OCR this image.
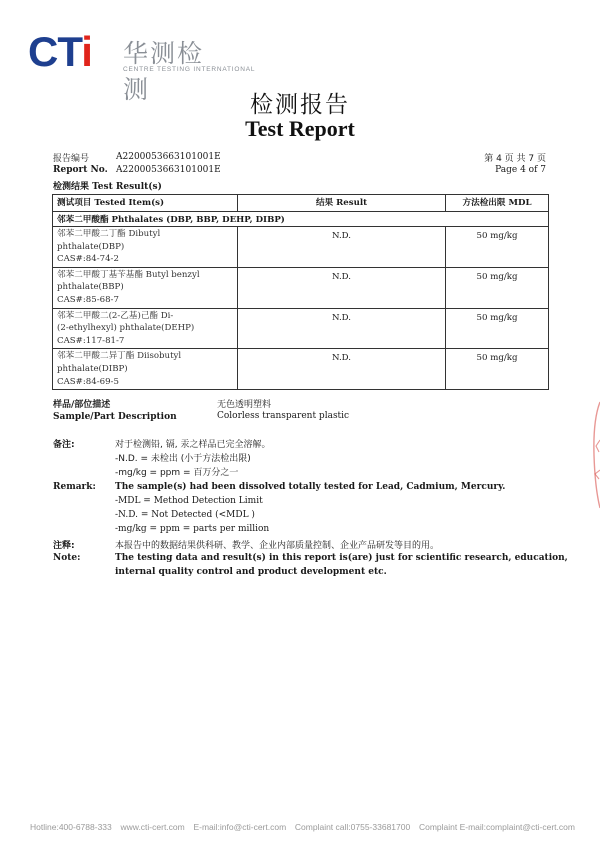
CTi 华测检测
CENTRE TESTING INTERNATIONAL
检测报告
Test Report
报告编号	A2200053663101001E
Report No. A2200053663101001E
第 4 页 共 7 页
Page 4 of 7
检测结果 Test Result(s)
测试项目 Tested Item(s)	结果 Result	方法检出限 MDL
邻苯二甲酸酯 Phthalates (DBP, BBP, DEHP, DIBP)		

邻苯二甲酸二丁酯 Dibutyl
phthalate(DBP)
CAS#:84-74-2	N.D.	50 mg/kg

邻苯二甲酸丁基苄基酯 Butyl benzyl
phthalate(BBP)
CAS#:85-68-7	N.D.	50 mg/kg

邻苯二甲酸二(2-乙基)己酯 Di-
(2-ethylhexyl) phthalate(DEHP)
CAS#:117-81-7	N.D.	50 mg/kg

邻苯二甲酸二异丁酯 Diisobutyl
phthalate(DIBP)
CAS#:84-69-5	N.D.	50 mg/kg
样品/部位描述
Sample/Part Description
无色透明塑料
Colorless transparent plastic
备注:	对于检测铅, 镉, 汞之样品已完全溶解。
-N.D. = 未检出 (小于方法检出限)
-mg/kg = ppm = 百万分之一
Remark: The sample(s) had been dissolved totally tested for Lead, Cadmium, Mercury.
-MDL = Method Detection Limit
-N.D. = Not Detected (<MDL )
-mg/kg = ppm = parts per million
注释:	本报告中的数据结果供科研、教学、企业内部质量控制、企业产品研发等目的用。
Note:	The testing data and result(s) in this report is(are) just for scientific research, education,
internal quality control and product development etc.
Hotline:400-6788-333 www.cti-cert.com E-mail:info@cti-cert.com Complaint call:0755-33681700 Complaint E-mail:complaint@cti-cert.com
